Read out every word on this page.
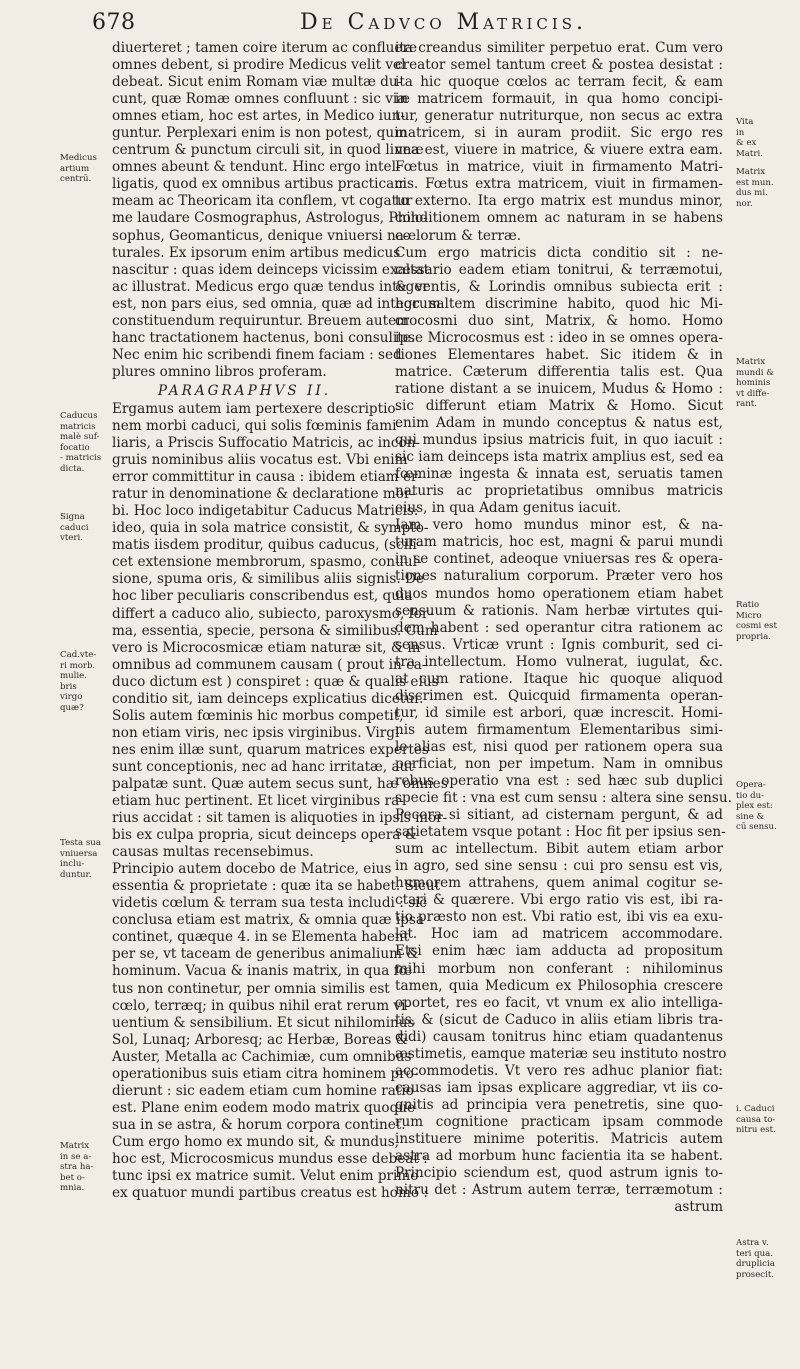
678	De Cadvco Matricis.
diuerteret ; tamen coire iterum ac confluere
omnes debent, si prodire Medicus velit vel
debeat. Sicut enim Romam viæ multæ du-
cunt, quæ Romæ omnes confluunt : sic viæ
omnes etiam, hoc est artes, in Medico iun-
guntur. Perplexari enim is non potest, quin
centrum & punctum circuli sit, in quod lineæ
omnes abeunt & tendunt. Hinc ergo intel-
ligatis, quod ex omnibus artibus practicam
meam ac Theoricam ita conflem, vt cogatur
me laudare Cosmographus, Astrologus, Philo-
sophus, Geomanticus, denique vniuersi na-
turales. Ex ipsorum enim artibus medicus
nascitur : quas idem deinceps vicissim exaltat
ac illustrat. Medicus ergo quæ tendus integer
est, non pars eius, sed omnia, quæ ad integrum
constituendum requiruntur. Breuem autem
hanc tractationem hactenus, boni consulite.
Nec enim hic scribendi finem faciam : sed
plures omnino libros proferam.
PARAGRAPHVS II.
Ergamus autem iam pertexere descriptio-
nem morbi caduci, qui solis fœminis fami-
liaris, a Priscis Suffocatio Matricis, ac incon-
gruis nominibus aliis vocatus est. Vbi enim
error committitur in causa : ibidem etiam er-
ratur in denominatione & declaratione mor-
bi. Hoc loco indigetabitur Caducus Matricis:
ideo, quia in sola matrice consistit, & sympto-
matis iisdem proditur, quibus caducus, (scili-
cet extensione membrorum, spasmo, conuul-
sione, spuma oris, & similibus aliis signis. De
hoc liber peculiaris conscribendus est, quia
differt a caduco alio, subiecto, paroxysmo, for-
ma, essentia, specie, persona & similibus. Cum
vero is Microcosmicæ etiam naturæ sit, & in
omnibus ad communem causam ( prout in ca-
duco dictum est ) conspiret : quæ & qualis eius
conditio sit, iam deinceps explicatius dicetur.
Solis autem fœminis hic morbus competit,
non etiam viris, nec ipsis virginibus. Virgi-
nes enim illæ sunt, quarum matrices expertes
sunt conceptionis, nec ad hanc irritatæ, aut
palpatæ sunt. Quæ autem secus sunt, hæ omnes
etiam huc pertinent. Et licet virginibus ra-
rius accidat : sit tamen is aliquoties in ipsis mor-
bis ex culpa propria, sicut deinceps opera &
causas multas recensebimus.
Principio autem docebo de Matrice, eius
essentia & proprietate : quæ ita se habet. Sicut
videtis cœlum & terram sua testa includi : sic
conclusa etiam est matrix, & omnia quæ ipsa
continet, quæque 4. in se Elementa habent
per se, vt taceam de generibus animalium &
hominum. Vacua & inanis matrix, in qua fœ
tus non continetur, per omnia similis est
cœlo, terræq; in quibus nihil erat rerum vi-
uentium & sensibilium. Et sicut nihilominus
Sol, Lunaq; Arboresq; ac Herbæ, Boreas &
Auster, Metalla ac Cachimiæ, cum omnibus
operationibus suis etiam citra hominem pro-
dierunt : sic eadem etiam cum homine ratio
est. Plane enim eodem modo matrix quoque
sua in se astra, & horum corpora continet.
Cum ergo homo ex mundo sit, & mundus,
hoc est, Microcosmicus mundus esse debeat :
tunc ipsi ex matrice sumit. Velut enim primo
ex quatuor mundi partibus creatus est homo :
ita creandus similiter perpetuo erat. Cum vero
creator semel tantum creet & postea desistat :
ita hic quoque cœlos ac terram fecit, & eam
in matricem formauit, in qua homo concipi-
tur, generatur nutriturque, non secus ac extra
matricem, si in auram prodiit. Sic ergo res
vna est, viuere in matrice, & viuere extra eam.
Fœtus in matrice, viuit in firmamento Matri-
cis. Fœtus extra matricem, viuit in firmamen-
to externo. Ita ergo matrix est mundus minor,
conditionem omnem ac naturam in se habens
cœlorum & terræ.
Cum ergo matricis dicta conditio sit : ne-
cessario eadem etiam tonitrui, & terræmotui,
& ventis, & Lorindis omnibus subiecta erit :
hoc saltem discrimine habito, quod hic Mi-
crocosmi duo sint, Matrix, & homo. Homo
ipse Microcosmus est : ideo in se omnes opera-
tiones Elementares habet. Sic itidem & in
matrice. Cæterum differentia talis est. Qua
ratione distant a se inuicem, Mudus & Homo :
sic differunt etiam Matrix & Homo. Sicut
enim Adam in mundo conceptus & natus est,
qui mundus ipsius matricis fuit, in quo iacuit :
sic iam deinceps ista matrix amplius est, sed ea
fœminæ ingesta & innata est, seruatis tamen
naturis ac proprietatibus omnibus matricis
eius, in qua Adam genitus iacuit.
Iam vero homo mundus minor est, & na-
turam matricis, hoc est, magni & parui mundi
in se continet, adeoque vniuersas res & opera-
tiones naturalium corporum. Præter vero hos
duos mundos homo operationem etiam habet
sensuum & rationis. Nam herbæ virtutes qui-
dem habent : sed operantur citra rationem ac
sensus. Vrticæ vrunt : Ignis comburit, sed ci-
tra intellectum. Homo vulnerat, iugulat, &c.
at cum ratione. Itaque hic quoque aliquod
discrimen est. Quicquid firmamenta operan-
tur, id simile est arbori, quæ increscit. Homi-
nis autem firmamentum Elementaribus simi-
le alias est, nisi quod per rationem opera sua
perficiat, non per impetum. Nam in omnibus
rebus operatio vna est : sed hæc sub duplici
specie fit : vna est cum sensu : altera sine sensu.
Pecora si sitiant, ad cisternam pergunt, & ad
satietatem vsque potant : Hoc fit per ipsius sen-
sum ac intellectum. Bibit autem etiam arbor
in agro, sed sine sensu : cui pro sensu est vis,
humorem attrahens, quem animal cogitur se-
ctari & quærere. Vbi ergo ratio vis est, ibi ra-
tio præsto non est. Vbi ratio est, ibi vis ea exu-
lat. Hoc iam ad matricem accommodare.
Etsi enim hæc iam adducta ad propositum
mihi morbum non conferant : nihilominus
tamen, quia Medicum ex Philosophia crescere
oportet, res eo facit, vt vnum ex alio intelliga-
tis, & (sicut de Caduco in aliis etiam libris tra-
didi) causam tonitrus hinc etiam quadantenus
æstimetis, eamque materiæ seu instituto nostro
accommodetis. Vt vero res adhuc planior fiat:
causas iam ipsas explicare aggrediar, vt iis co-
gnitis ad principia vera penetretis, sine quo-
rum cognitione practicam ipsam commode
instituere minime poteritis. Matricis autem
astra ad morbum hunc facientia ita se habent.
Principio sciendum est, quod astrum ignis to-
nitru det : Astrum autem terræ, terræmotum :
astrum
Medicus
artium
centrū.
Caducus
matricis
malè suf-
focatio
- matricis
dicta.
Signa
caduci
vteri.
Cad.vte-
ri morb.
mulie.
bris
virgo
quæ?
Testa sua
vniuersa
inclu-
duntur.
Matrix
in se a-
stra ha-
bet o-
mnia.
Vita
in
& ex
Matri.
Matrix
est mun.
dus mi.
nor.
Matrix
mundi &
hominis
vt diffe-
rant.
Ratio
Micro
cosmi est
propria.
Opera-
tio du-
plex est:
sine &
cū sensu.
i. Caduci
causa to-
nitru est.
Astra v.
teri qua.
druplicia
prosecit.
